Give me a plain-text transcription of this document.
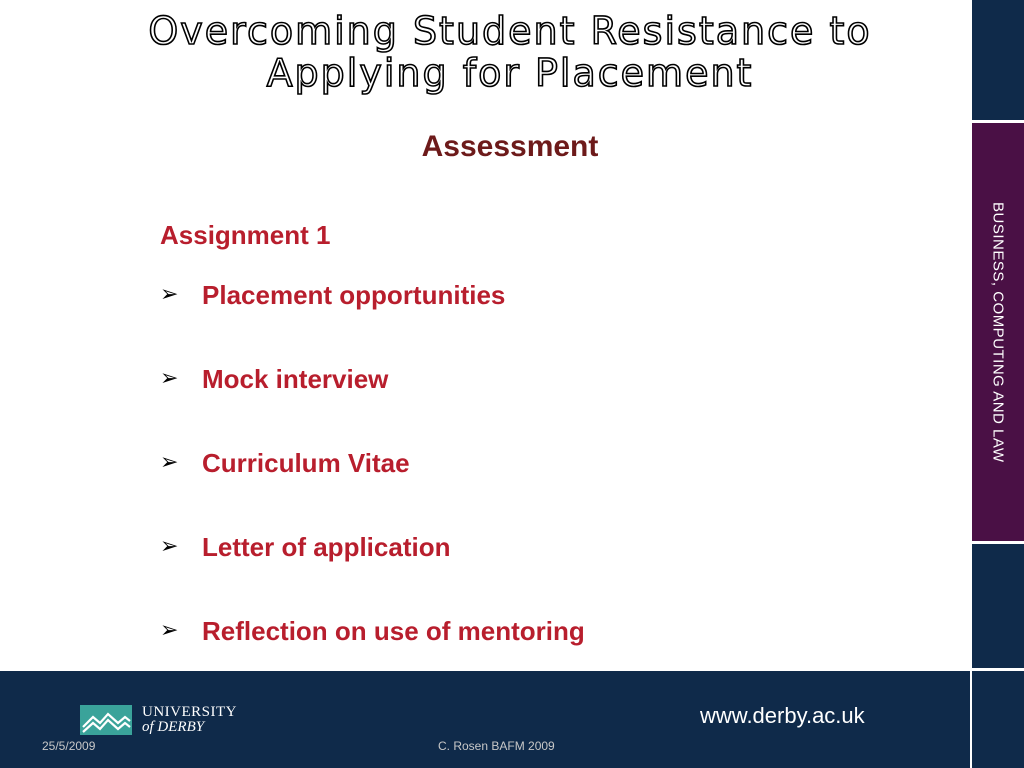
Overcoming Student Resistance to
Applying for Placement
Assessment
Assignment 1
➢ Placement opportunities
➢ Mock interview
➢ Curriculum Vitae
➢ Letter of application
➢ Reflection on use of mentoring
BUSINESS, COMPUTING AND LAW
UNIVERSITY
of DERBY	www.derby.ac.uk
25/5/2009	C. Rosen BAFM 2009
